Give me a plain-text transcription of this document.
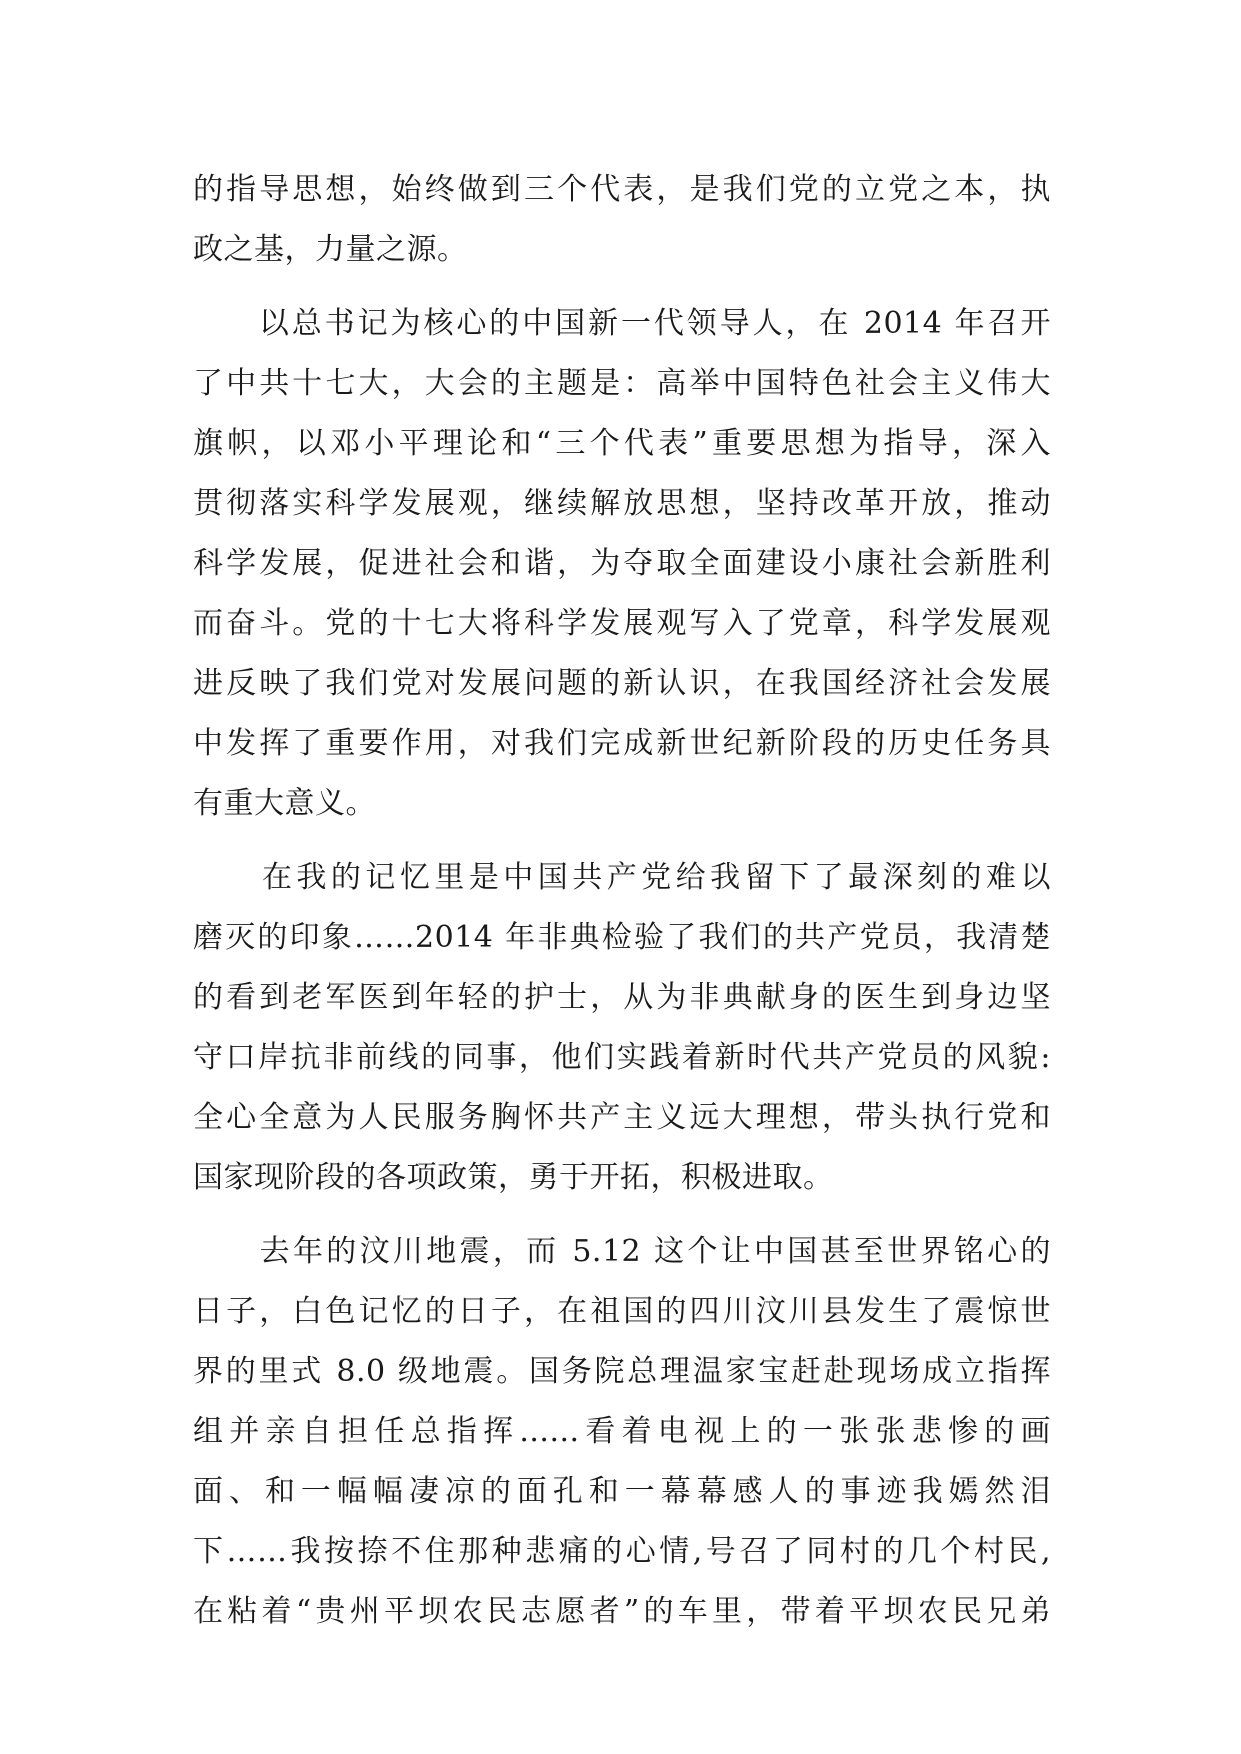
的指导思想，始终做到三个代表，是我们党的立党之本，执
政之基，力量之源。
　　以总书记为核心的中国新一代领导人，在 2014 年召开
了中共十七大，大会的主题是：高举中国特色社会主义伟大
旗帜，以邓小平理论和“三个代表”重要思想为指导，深入
贯彻落实科学发展观，继续解放思想，坚持改革开放，推动
科学发展，促进社会和谐，为夺取全面建设小康社会新胜利
而奋斗。党的十七大将科学发展观写入了党章，科学发展观
进反映了我们党对发展问题的新认识，在我国经济社会发展
中发挥了重要作用，对我们完成新世纪新阶段的历史任务具
有重大意义。
　　在我的记忆里是中国共产党给我留下了最深刻的难以
磨灭的印象……2014 年非典检验了我们的共产党员，我清楚
的看到老军医到年轻的护士，从为非典献身的医生到身边坚
守口岸抗非前线的同事，他们实践着新时代共产党员的风貌:
全心全意为人民服务胸怀共产主义远大理想，带头执行党和
国家现阶段的各项政策，勇于开拓，积极进取。
　　去年的汶川地震，而 5.12 这个让中国甚至世界铭心的
日子，白色记忆的日子，在祖国的四川汶川县发生了震惊世
界的里式 8.0 级地震。国务院总理温家宝赶赴现场成立指挥
组并亲自担任总指挥......看着电视上的一张张悲惨的画
面、和一幅幅凄凉的面孔和一幕幕感人的事迹我嫣然泪
下……我按捺不住那种悲痛的心情,号召了同村的几个村民,
在粘着“贵州平坝农民志愿者”的车里，带着平坝农民兄弟
